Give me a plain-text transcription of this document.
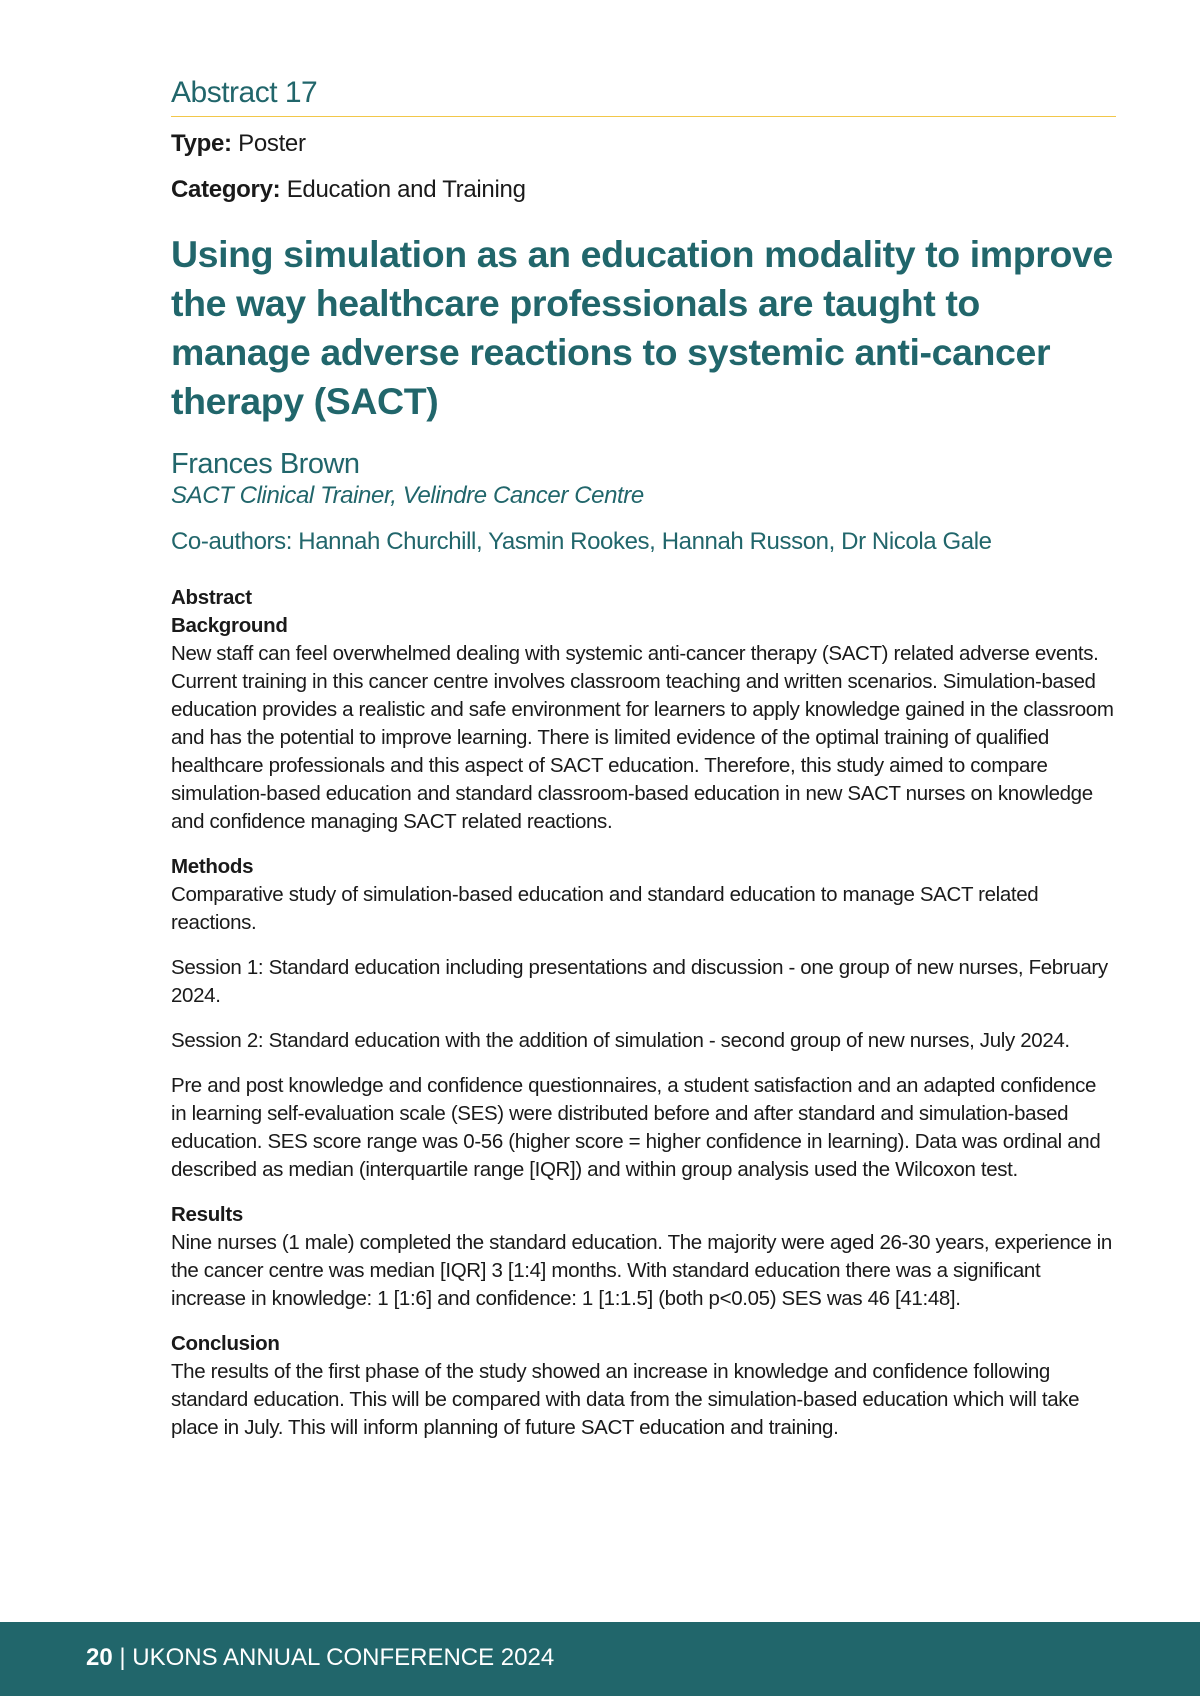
Abstract 17

Type: Poster

Category: Education and Training

Using simulation as an education modality to improve the way healthcare professionals are taught to manage adverse reactions to systemic anti-cancer therapy (SACT)

Frances Brown

SACT Clinical Trainer, Velindre Cancer Centre

Co-authors: Hannah Churchill, Yasmin Rookes, Hannah Russon, Dr Nicola Gale

Abstract

Background

New staff can feel overwhelmed dealing with systemic anti-cancer therapy (SACT) related adverse events. Current training in this cancer centre involves classroom teaching and written scenarios. Simulation-based education provides a realistic and safe environment for learners to apply knowledge gained in the classroom and has the potential to improve learning. There is limited evidence of the optimal training of qualified healthcare professionals and this aspect of SACT education. Therefore, this study aimed to compare simulation-based education and standard classroom-based education in new SACT nurses on knowledge and confidence managing SACT related reactions.

Methods

Comparative study of simulation-based education and standard education to manage SACT related reactions.

Session 1: Standard education including presentations and discussion - one group of new nurses, February 2024.

Session 2: Standard education with the addition of simulation - second group of new nurses, July 2024.

Pre and post knowledge and confidence questionnaires, a student satisfaction and an adapted confidence in learning self-evaluation scale (SES) were distributed before and after standard and simulation-based education. SES score range was 0-56 (higher score = higher confidence in learning). Data was ordinal and described as median (interquartile range [IQR]) and within group analysis used the Wilcoxon test.

Results

Nine nurses (1 male) completed the standard education. The majority were aged 26-30 years, experience in the cancer centre was median [IQR] 3 [1:4] months. With standard education there was a significant increase in knowledge: 1 [1:6] and confidence: 1 [1:1.5] (both p<0.05) SES was 46 [41:48].

Conclusion

The results of the first phase of the study showed an increase in knowledge and confidence following standard education. This will be compared with data from the simulation-based education which will take place in July. This will inform planning of future SACT education and training.

20 | UKONS ANNUAL CONFERENCE 2024
